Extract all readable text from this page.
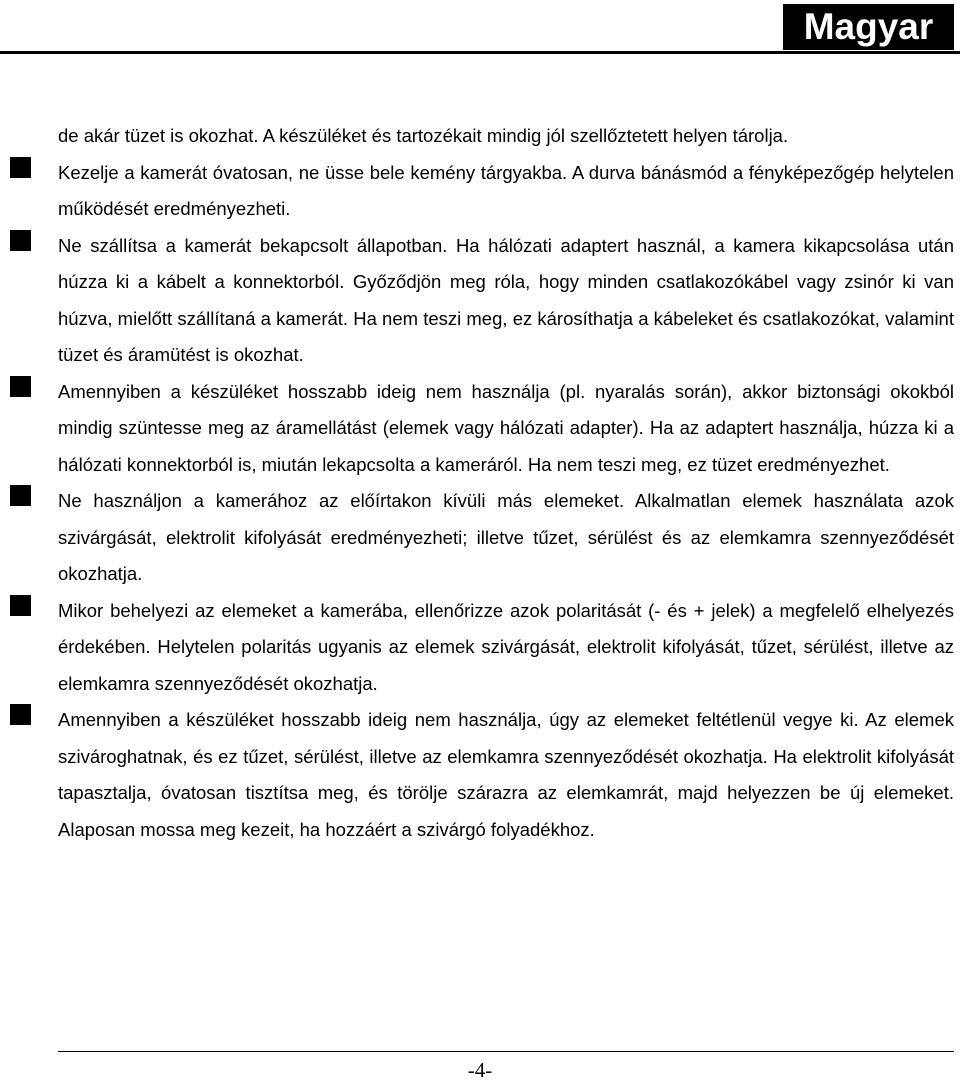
Magyar

de akár tüzet is okozhat. A készüléket és tartozékait mindig jól szellőztetett helyen tárolja.

Kezelje a kamerát óvatosan, ne üsse bele kemény tárgyakba. A durva bánásmód a fényképezőgép helytelen működését eredményezheti.
Ne szállítsa a kamerát bekapcsolt állapotban. Ha hálózati adaptert használ, a kamera kikapcsolása után húzza ki a kábelt a konnektorból. Győződjön meg róla, hogy minden csatlakozókábel vagy zsinór ki van húzva, mielőtt szállítaná a kamerát. Ha nem teszi meg, ez károsíthatja a kábeleket és csatlakozókat, valamint tüzet és áramütést is okozhat.
Amennyiben a készüléket hosszabb ideig nem használja (pl. nyaralás során), akkor biztonsági okokból mindig szüntesse meg az áramellátást (elemek vagy hálózati adapter). Ha az adaptert használja, húzza ki a hálózati konnektorból is, miután lekapcsolta a kameráról. Ha nem teszi meg, ez tüzet eredményezhet.
Ne használjon a kamerához az előírtakon kívüli más elemeket. Alkalmatlan elemek használata azok szivárgását, elektrolit kifolyását eredményezheti; illetve tűzet, sérülést és az elemkamra szennyeződését okozhatja.
Mikor behelyezi az elemeket a kamerába, ellenőrizze azok polaritását (- és + jelek) a megfelelő elhelyezés érdekében. Helytelen polaritás ugyanis az elemek szivárgását, elektrolit kifolyását, tűzet, sérülést, illetve az elemkamra szennyeződését okozhatja.
Amennyiben a készüléket hosszabb ideig nem használja, úgy az elemeket feltétlenül vegye ki. Az elemek szivároghatnak, és ez tűzet, sérülést, illetve az elemkamra szennyeződését okozhatja. Ha elektrolit kifolyását tapasztalja, óvatosan tisztítsa meg, és törölje szárazra az elemkamrát, majd helyezzen be új elemeket. Alaposan mossa meg kezeit, ha hozzáért a szivárgó folyadékhoz.
-4-
